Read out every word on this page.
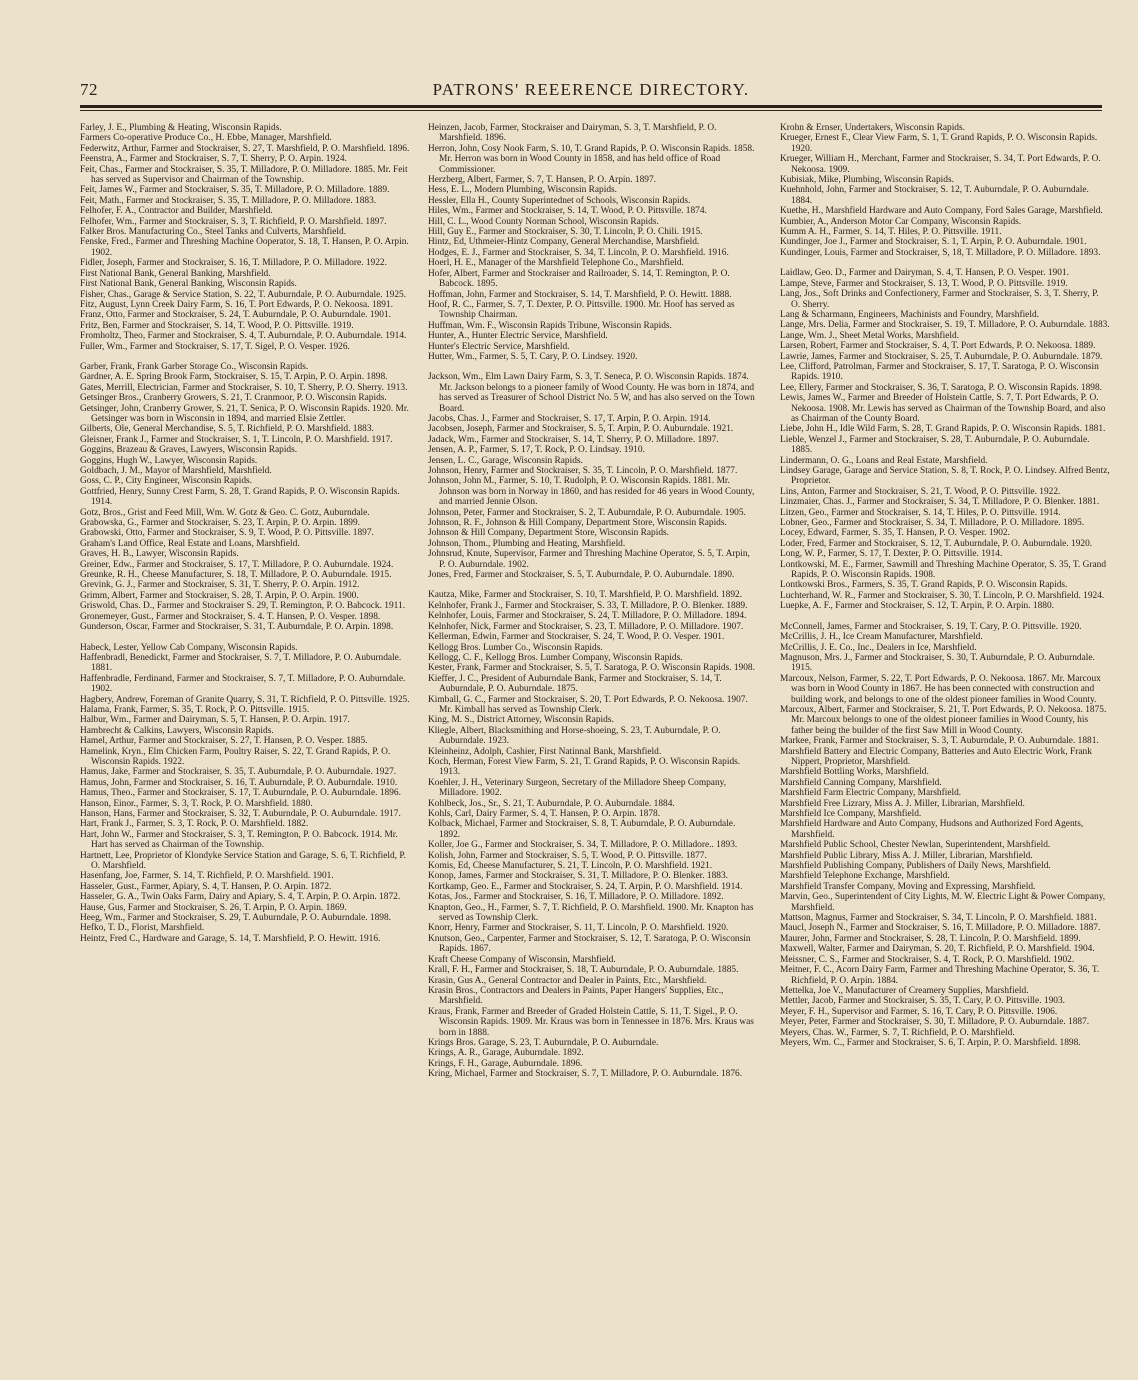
72	PATRONS' REEERENCE DIRECTORY.

Farley, J. E., Plumbing & Heating, Wisconsin Rapids.

Farmers Co-operative Produce Co., H. Ebbe, Manager, Marshfield.

Federwitz, Arthur, Farmer and Stockraiser, S. 27, T. Marshfield, P. O. Marshfield. 1896.

Feenstra, A., Farmer and Stockraiser, S. 7, T. Sherry, P. O. Arpin. 1924.

Feit, Chas., Farmer and Stockraiser, S. 35, T. Milladore, P. O. Milladore. 1885. Mr. Feit has served as Supervisor and Chairman of the Township.

Feit, James W., Farmer and Stockraiser, S. 35, T. Milladore, P. O. Milladore. 1889.

Feit, Math., Farmer and Stockraiser, S. 35, T. Milladore, P. O. Milladore. 1883.

Felhofer, F. A., Contractor and Builder, Marshfield.

Felhofer, Wm., Farmer and Stockraiser, S. 3, T. Richfield, P. O. Marshfield. 1897.

Falker Bros. Manufacturing Co., Steel Tanks and Culverts, Marshfield.

Fenske, Fred., Farmer and Threshing Machine Ooperator, S. 18, T. Hansen, P. O. Arpin. 1902.

Fidler, Joseph, Farmer and Stockraiser, S. 16, T. Milladore, P. O. Milladore. 1922.

First National Bank, General Banking, Marshfield.

First National Bank, General Banking, Wisconsin Rapids.

Fisher, Chas., Garage & Service Station, S. 22, T. Auburndale, P. O. Auburndale. 1925.

Fitz, August, Lynn Creek Dairy Farm, S. 16, T. Port Edwards, P. O. Nekoosa. 1891.

Franz, Otto, Farmer and Stockraiser, S. 24, T. Auburndale, P. O. Auburndale. 1901.

Fritz, Ben, Farmer and Stockraiser, S. 14, T. Wood, P. O. Pittsville. 1919.

Fromholtz, Theo, Farmer and Stockraiser, S. 4, T. Auburndale, P. O. Auburndale. 1914.

Fuller, Wm., Farmer and Stockraiser, S. 17, T. Sigel, P. O. Vesper. 1926.

Garber, Frank, Frank Garber Storage Co., Wisconsin Rapids.

Gardner, A. E. Spring Brook Farm, Stockraiser, S. 15, T. Arpin, P. O. Arpin. 1898.

Gates, Merrill, Electrician, Farmer and Stockraiser, S. 10, T. Sherry, P. O. Sherry. 1913.

Getsinger Bros., Cranberry Growers, S. 21, T. Cranmoor, P. O. Wisconsin Rapids.

Getsinger, John, Cranberry Grower, S. 21, T. Senica, P. O. Wisconsin Rapids. 1920. Mr. Getsinger was born in Wisconsin in 1894, and married Elsie Zettler.

Gilberts, Ole, General Merchandise, S. 5, T. Richfield, P. O. Marshfield. 1883.

Gleisner, Frank J., Farmer and Stockraiser, S. 1, T. Lincoln, P. O. Marshfield. 1917.

Goggins, Brazeau & Graves, Lawyers, Wisconsin Rapids.

Goggins, Hugh W., Lawyer, Wisconsin Rapids.

Goldbach, J. M., Mayor of Marshfield, Marshfield.

Goss, C. P., City Engineer, Wisconsin Rapids.

Gottfried, Henry, Sunny Crest Farm, S. 28, T. Grand Rapids, P. O. Wisconsin Rapids. 1914.

Gotz, Bros., Grist and Feed Mill, Wm. W. Gotz & Geo. C. Gotz, Auburndale.

Grabowska, G., Farmer and Stockraiser, S. 23, T. Arpin, P. O. Arpin. 1899.

Grabowski, Otto, Farmer and Stockraiser, S. 9, T. Wood, P. O. Pittsville. 1897.

Graham's Land Office, Real Estate and Loans, Marshfield.

Graves, H. B., Lawyer, Wisconsin Rapids.

Greiner, Edw., Farmer and Stockraiser, S. 17, T. Milladore, P. O. Auburndale. 1924.

Greunke, R. H., Cheese Manufacturer, S. 18, T. Milladore, P. O. Auburndale. 1915.

Grevink, G. J., Farmer and Stockraiser, S. 31, T. Sherry, P. O. Arpin. 1912.

Grimm, Albert, Farmer and Stockraiser, S. 28, T. Arpin, P. O. Arpin. 1900.

Griswold, Chas. D., Farmer and Stockraiser S. 29, T. Remington, P. O. Babcock. 1911.

Gronemeyer, Gust., Farmer and Stockraiser, S. 4. T. Hansen, P. O. Vesper. 1898.

Gunderson, Oscar, Farmer and Stockraiser, S. 31, T. Auburndale, P. O. Arpin. 1898.

Habeck, Lester, Yellow Cab Company, Wisconsin Rapids.

Haffenbradl, Benedickt, Farmer and Stockraiser, S. 7, T. Milladore, P. O. Auburndale. 1881.

Haffenbradle, Ferdinand, Farmer and Stockraiser, S. 7, T. Milladore, P. O. Auburndale. 1902.

Hagbery, Andrew, Foreman of Granite Quarry, S. 31, T. Richfield, P. O. Pittsville. 1925.

Halama, Frank, Farmer, S. 35, T. Rock, P. O. Pittsville. 1915.

Halbur, Wm., Farmer and Dairyman, S. 5, T. Hansen, P. O. Arpin. 1917.

Hambrecht & Calkins, Lawyers, Wisconsin Rapids.

Hamel, Arthur, Farmer and Stockraiser, S. 27, T. Hansen, P. O. Vesper. 1885.

Hamelink, Kryn., Elm Chicken Farm, Poultry Raiser, S. 22, T. Grand Rapids, P. O. Wisconsin Rapids. 1922.

Hamus, Jake, Farmer and Stockraiser, S. 35, T. Auburndale, P. O. Auburndale. 1927.

Hamus, John, Farmer and Stockraiser, S. 16, T. Auburndale, P. O. Auburndale. 1910.

Hamus, Theo., Farmer and Stockraiser, S. 17, T. Auburndale, P. O. Auburndale. 1896.

Hanson, Einor., Farmer, S. 3, T. Rock, P. O. Marshfield. 1880.

Hanson, Hans, Farmer and Stockraiser, S. 32, T. Auburndale, P. O. Auburndale. 1917.

Hart, Frank J., Farmer, S. 3, T. Rock, P. O. Marshfield. 1882.

Hart, John W., Farmer and Stockraiser, S. 3, T. Remington, P. O. Babcock. 1914. Mr. Hart has served as Chairman of the Township.

Hartnett, Lee, Proprietor of Klondyke Service Station and Garage, S. 6, T. Richfield, P. O. Marshfield.

Hasenfang, Joe, Farmer, S. 14, T. Richfield, P. O. Marshfield. 1901.

Hasseler, Gust., Farmer, Apiary, S. 4, T. Hansen, P. O. Arpin. 1872.

Hasseler, G. A., Twin Oaks Farm, Dairy and Apiary, S. 4, T. Arpin, P. O. Arpin. 1872.

Hause, Gus, Farmer and Stockraiser, S. 26, T. Arpin, P. O. Arpin. 1869.

Heeg, Wm., Farmer and Stockraiser, S. 29, T. Auburndale, P. O. Auburndale. 1898.

Hefko, T. D., Florist, Marshfield.

Heintz, Fred C., Hardware and Garage, S. 14, T. Marshfield, P. O. Hewitt. 1916.

Heinzen, Jacob, Farmer, Stockraiser and Dairyman, S. 3, T. Marshfield, P. O. Marshfield. 1896.

Herron, John, Cosy Nook Farm, S. 10, T. Grand Rapids, P. O. Wisconsin Rapids. 1858. Mr. Herron was born in Wood County in 1858, and has held office of Road Commissioner.

Herzberg, Albert, Farmer, S. 7, T. Hansen, P. O. Arpin. 1897.

Hess, E. L., Modern Plumbing, Wisconsin Rapids.

Hessler, Ella H., County Superintednet of Schools, Wisconsin Rapids.

Hiles, Wm., Farmer and Stockraiser, S. 14, T. Wood, P. O. Pittsville. 1874.

Hill, C. L., Wood County Norman School, Wisconsin Rapids.

Hill, Guy E., Farmer and Stockraiser, S. 30, T. Lincoln, P. O. Chili. 1915.

Hintz, Ed, Uthmeier-Hintz Company, General Merchandise, Marshfield.

Hodges, E. J., Farmer and Stockraiser, S. 34, T. Lincoln, P. O. Marshfield. 1916.

Hoerl, H. E., Manager of the Marshfield Telephone Co., Marshfield.

Hofer, Albert, Farmer and Stockraiser and Railroader, S. 14, T. Remington, P. O. Babcock. 1895.

Hoffman, John, Farmer and Stockraiser, S. 14, T. Marshfield, P. O. Hewitt. 1888.

Hoof, R. C., Farmer, S. 7, T. Dexter, P. O. Pittsville. 1900. Mr. Hoof has served as Township Chairman.

Huffman, Wm. F., Wisconsin Rapids Tribune, Wisconsin Rapids.

Hunter, A., Hunter Electric Service, Marshfield.

Hunter's Electric Service, Marshfield.

Hutter, Wm., Farmer, S. 5, T. Cary, P. O. Lindsey. 1920.

Jackson, Wm., Elm Lawn Dairy Farm, S. 3, T. Seneca, P. O. Wisconsin Rapids. 1874. Mr. Jackson belongs to a pioneer family of Wood County. He was born in 1874, and has served as Treasurer of School District No. 5 W, and has also served on the Town Board.

Jacobs, Chas. J., Farmer and Stockraiser, S. 17, T. Arpin, P. O. Arpin. 1914.

Jacobsen, Joseph, Farmer and Stockraiser, S. 5, T. Arpin, P. O. Auburndale. 1921.

Jadack, Wm., Farmer and Stockraiser, S. 14, T. Sherry, P. O. Milladore. 1897.

Jensen, A. P., Farmer, S. 17, T. Rock, P. O. Lindsay. 1910.

Jensen, L. C., Garage, Wisconsin Rapids.

Johnson, Henry, Farmer and Stockraiser, S. 35, T. Lincoln, P. O. Marshfield. 1877.

Johnson, John M., Farmer, S. 10, T. Rudolph, P. O. Wisconsin Rapids. 1881. Mr. Johnson was born in Norway in 1860, and has resided for 46 years in Wood County, and married Jennie Olson.

Johnson, Peter, Farmer and Stockraiser, S. 2, T. Auburndale, P. O. Auburndale. 1905.

Johnson, R. F., Johnson & Hill Company, Department Store, Wisconsin Rapids.

Johnson & Hill Company, Department Store, Wisconsin Rapids.

Johnson, Thom., Plumbing and Heating, Marshfield.

Johnsrud, Knute, Supervisor, Farmer and Threshing Machine Operator, S. 5, T. Arpin, P. O. Auburndale. 1902.

Jones, Fred, Farmer and Stockraiser, S. 5, T. Auburndale, P. O. Auburndale. 1890.

Kautza, Mike, Farmer and Stockraiser, S. 10, T. Marshfield, P. O. Marshfield. 1892.

Kelnhofer, Frank J., Farmer and Stockraiser, S. 33, T. Milladore, P. O. Blenker. 1889.

Kelnhofer, Louis, Farmer and Stockraiser, S. 24, T. Milladore, P. O. Milladore. 1894.

Kelnhofer, Nick, Farmer and Stockraiser, S. 23, T. Milladore, P. O. Milladore. 1907.

Kellerman, Edwin, Farmer and Stockraiser, S. 24, T. Wood, P. O. Vesper. 1901.

Kellogg Bros. Lumber Co., Wisconsin Rapids.

Kellogg, C. F., Kellogg Bros. Lumber Company, Wisconsin Rapids.

Kester, Frank, Farmer and Stockraiser, S. 5, T. Saratoga, P. O. Wisconsin Rapids. 1908.

Kieffer, J. C., President of Auburndale Bank, Farmer and Stockraiser, S. 14, T. Auburndale, P. O. Auburndale. 1875.

Kimball, G. C., Farmer and Stockraiser, S. 20, T. Port Edwards, P. O. Nekoosa. 1907. Mr. Kimball has served as Township Clerk.

King, M. S., District Attorney, Wisconsin Rapids.

Kliegle, Albert, Blacksmithing and Horse-shoeing, S. 23, T. Auburndale, P. O. Auburndale. 1923.

Kleinheinz, Adolph, Cashier, First Natinnal Bank, Marshfield.

Koch, Herman, Forest View Farm, S. 21, T. Grand Rapids, P. O. Wisconsin Rapids. 1913.

Koehler, J. H., Veterinary Surgeon, Secretary of the Milladore Sheep Company, Milladore. 1902.

Kohlbeck, Jos., Sr., S. 21, T. Auburndale, P. O. Auburndale. 1884.

Kohls, Carl, Dairy Farmer, S. 4, T. Hansen, P. O. Arpin. 1878.

Kolback, Michael, Farmer and Stockraiser, S. 8, T. Auburndale, P. O. Auburndale. 1892.

Koller, Joe G., Farmer and Stockraiser, S. 34, T. Milladore, P. O. Milladore.. 1893.

Kolish, John, Farmer and Stockraiser, S. 5, T. Wood, P. O. Pittsville. 1877.

Komis, Ed, Cheese Manufacturer, S. 21, T. Lincoln, P. O. Marshfield. 1921.

Konop, James, Farmer and Stockraiser, S. 31, T. Milladore, P. O. Blenker. 1883.

Kortkamp, Geo. E., Farmer and Stockraiser, S. 24, T. Arpin, P. O. Marshfield. 1914.

Kotas, Jos., Farmer and Stockraiser, S. 16, T. Milladore, P. O. Milladore. 1892.

Knapton, Geo., H., Farmer, S. 7, T. Richfield, P. O. Marshfield. 1900. Mr. Knapton has served as Township Clerk.

Knorr, Henry, Farmer and Stockraiser, S. 11, T. Lincoln, P. O. Marshfield. 1920.

Knutson, Geo., Carpenter, Farmer and Stockraiser, S. 12, T. Saratoga, P. O. Wisconsin Rapids. 1867.

Kraft Cheese Company of Wisconsin, Marshfield.

Krall, F. H., Farmer and Stockraiser, S. 18, T. Auburndale, P. O. Auburndale. 1885.

Krasin, Gus A., General Contractor and Dealer in Paints, Etc., Marshfield.

Krasin Bros., Contractors and Dealers in Paints, Paper Hangers' Supplies, Etc., Marshfield.

Kraus, Frank, Farmer and Breeder of Graded Holstein Cattle, S. 11, T. Sigel., P. O. Wisconsin Rapids. 1909. Mr. Kraus was born in Tennessee in 1876. Mrs. Kraus was born in 1888.

Krings Bros. Garage, S. 23, T. Auburndale, P. O. Auburndale.

Krings, A. R., Garage, Auburndale. 1892.

Krings, F. H., Garage, Auburndale. 1896.

Kring, Michael, Farmer and Stockraiser, S. 7, T. Milladore, P. O. Auburndale. 1876.

Krohn & Ernser, Undertakers, Wisconsin Rapids.

Krueger, Ernest F., Clear View Farm, S. 1, T. Grand Rapids, P. O. Wisconsin Rapids. 1920.

Krueger, William H., Merchant, Farmer and Stockraiser, S. 34, T. Port Edwards, P. O. Nekoosa. 1909.

Kubisiak, Mike, Plumbing, Wisconsin Rapids.

Kuehnhold, John, Farmer and Stockraiser, S. 12, T. Auburndale, P. O. Auburndale. 1884.

Kuethe, H., Marshfield Hardware and Auto Company, Ford Sales Garage, Marshfield.

Kumbier, A., Anderson Motor Car Company, Wisconsin Rapids.

Kumm A. H., Farmer, S. 14, T. Hiles, P. O. Pittsville. 1911.

Kundinger, Joe J., Farmer and Stockraiser, S. 1, T. Arpin, P. O. Auburndale. 1901.

Kundinger, Louis, Farmer and Stockraiser, S, 18, T. Milladore, P. O. Milladore. 1893.

Laidlaw, Geo. D., Farmer and Dairyman, S. 4, T. Hansen, P. O. Vesper. 1901.

Lampe, Steve, Farmer and Stockraiser, S. 13, T. Wood, P. O. Pittsville. 1919.

Lang, Jos., Soft Drinks and Confectionery, Farmer and Stockraiser, S. 3, T. Sherry, P. O. Sherry.

Lang & Scharmann, Engineers, Machinists and Foundry, Marshfield.

Lange, Mrs. Delia, Farmer and Stockraiser, S. 19, T. Milladore, P. O. Auburndale. 1883.

Lange, Wm. J., Sheet Metal Works, Marshfield.

Larsen, Robert, Farmer and Stockraiser, S. 4, T. Port Edwards, P. O. Nekoosa. 1889.

Lawrie, James, Farmer and Stockraiser, S. 25, T. Auburndale, P. O. Auburndale. 1879.

Lee, Clifford, Patrolman, Farmer and Stockraiser, S. 17, T. Saratoga, P. O. Wisconsin Rapids. 1910.

Lee, Ellery, Farmer and Stockraiser, S. 36, T. Saratoga, P. O. Wisconsin Rapids. 1898.

Lewis, James W., Farmer and Breeder of Holstein Cattle, S. 7, T. Port Edwards, P. O. Nekoosa. 1908. Mr. Lewis has served as Chairman of the Township Board, and also as Chairman of the County Board.

Liebe, John H., Idle Wild Farm, S. 28, T. Grand Rapids, P. O. Wisconsin Rapids. 1881.

Lieble, Wenzel J., Farmer and Stockraiser, S. 28, T. Auburndale, P. O. Auburndale. 1885.

Lindermann, O. G., Loans and Real Estate, Marshfield.

Lindsey Garage, Garage and Service Station, S. 8, T. Rock, P. O. Lindsey. Alfred Bentz, Proprietor.

Lins, Anton, Farmer and Stockraiser, S. 21, T. Wood, P. O. Pittsville. 1922.

Linzmaier, Chas. J., Farmer and Stockraiser, S. 34, T. Milladore, P. O. Blenker. 1881.

Litzen, Geo., Farmer and Stockraiser, S. 14, T. Hiles, P. O. Pittsville. 1914.

Lobner, Geo., Farmer and Stockraiser, S. 34, T. Milladore, P. O. Milladore. 1895.

Locey, Edward, Farmer, S. 35, T. Hansen, P. O. Vesper. 1902.

Loder, Fred, Farmer and Stockraiser, S. 12, T. Auburndale, P. O. Auburndale. 1920.

Long, W. P., Farmer, S. 17, T. Dexter, P. O. Pittsville. 1914.

Lontkowski, M. E., Farmer, Sawmill and Threshing Machine Operator, S. 35, T. Grand Rapids, P. O. Wisconsin Rapids. 1908.

Lontkowski Bros., Farmers, S. 35, T. Grand Rapids, P. O. Wisconsin Rapids.

Luchterhand, W. R., Farmer and Stockraiser, S. 30, T. Lincoln, P. O. Marshfield. 1924.

Luepke, A. F., Farmer and Stockraiser, S. 12, T. Arpin, P. O. Arpin. 1880.

McConnell, James, Farmer and Stockraiser, S. 19, T. Cary, P. O. Pittsville. 1920.

McCrillis, J. H., Ice Cream Manufacturer, Marshfield.

McCrillis, J. E. Co., Inc., Dealers in Ice, Marshfield.

Magnuson, Mrs. J., Farmer and Stockraiser, S. 30, T. Auburndale, P. O. Auburndale. 1915.

Marcoux, Nelson, Farmer, S. 22, T. Port Edwards, P. O. Nekoosa. 1867. Mr. Marcoux was born in Wood County in 1867. He has been connected with construction and building work, and belongs to one of the oldest pioneer families in Wood County.

Marcoux, Albert, Farmer and Stockraiser, S. 21, T. Port Edwards, P. O. Nekoosa. 1875. Mr. Marcoux belongs to one of the oldest pioneer families in Wood County, his father being the builder of the first Saw Mill in Wood County.

Markee, Frank, Farmer and Stockraiser, S. 3, T. Auburndale, P. O. Auburndale. 1881.

Marshfield Battery and Electric Company, Batteries and Auto Electric Work, Frank Nippert, Proprietor, Marshfield.

Marshfield Bottling Works, Marshfield.

Marshfield Canning Company, Marshfield.

Marshfield Farm Electric Company, Marshfield.

Marshfield Free Lizrary, Miss A. J. Miller, Librarian, Marshfield.

Marshfield Ice Company, Marshfield.

Marshfield Hardware and Auto Company, Hudsons and Authorized Ford Agents, Marshfield.

Marshfield Public School, Chester Newlan, Superintendent, Marshfield.

Marshfield Public Library, Miss A. J. Miller, Librarian, Marshfield.

Marshfield Publishing Company, Publishers of Daily News, Marshfield.

Marshfield Telephone Exchange, Marshfield.

Marshfield Transfer Company, Moving and Expressing, Marshfield.

Marvin, Geo., Superintendent of City Lights, M. W. Electric Light & Power Company, Marshfield.

Mattson, Magnus, Farmer and Stockraiser, S. 34, T. Lincoln, P. O. Marshfield. 1881.

Maucl, Joseph N., Farmer and Stockraiser, S. 16, T. Milladore, P. O. Milladore. 1887.

Maurer, John, Farmer and Stockraiser, S. 28, T. Lincoln, P. O. Marshfield. 1899.

Maxwell, Walter, Farmer and Dairyman, S. 20, T. Richfield, P. O. Marshfield. 1904.

Meissner, C. S., Farmer and Stockraiser, S. 4, T. Rock, P. O. Marshfield. 1902.

Meitner, F. C., Acorn Dairy Farm, Farmer and Threshing Machine Operator, S. 36, T. Richfield, P. O. Arpin. 1884.

Mettelka, Joe V., Manufacturer of Creamery Supplies, Marshfield.

Mettler, Jacob, Farmer and Stockraiser, S. 35, T. Cary, P. O. Pittsville. 1903.

Meyer, F. H., Supervisor and Farmer, S. 16, T. Cary, P. O. Pittsville. 1906.

Meyer, Peter, Farmer and Stockraiser, S. 30, T. Milladore, P. O. Auburndale. 1887.

Meyers, Chas. W., Farmer, S. 7, T. Richfield, P. O. Marshfield.

Meyers, Wm. C., Farmer and Stockraiser, S. 6, T. Arpin, P. O. Marshfield. 1898.
